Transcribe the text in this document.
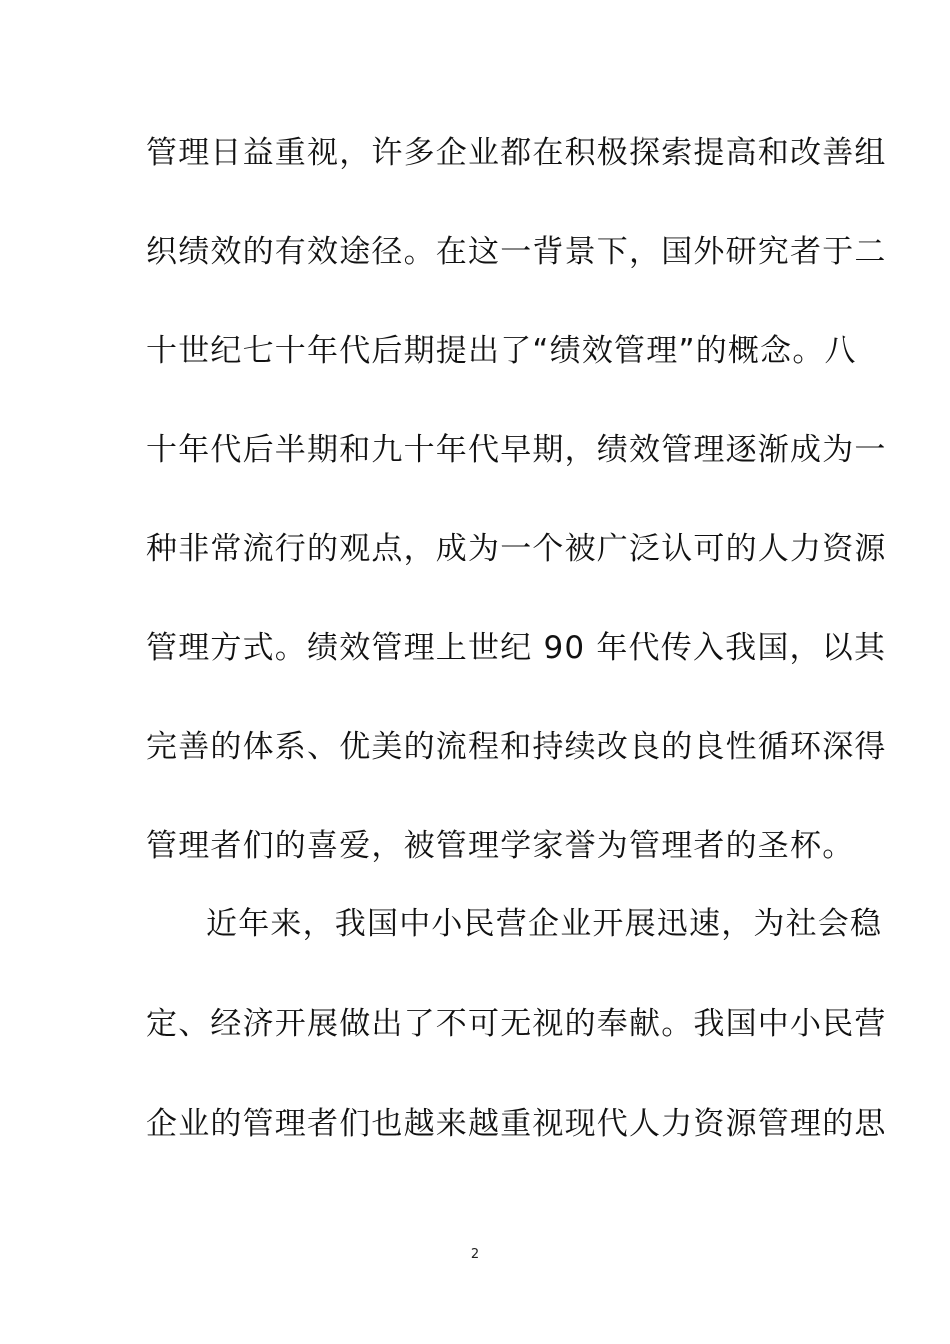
管理日益重视，许多企业都在积极探索提高和改善组
织绩效的有效途径。在这一背景下，国外研究者于二
十世纪七十年代后期提出了“绩效管理”的概念。八
十年代后半期和九十年代早期，绩效管理逐渐成为一
种非常流行的观点，成为一个被广泛认可的人力资源
管理方式。绩效管理上世纪 90 年代传入我国，以其
完善的体系、优美的流程和持续改良的良性循环深得
管理者们的喜爱，被管理学家誉为管理者的圣杯。
近年来，我国中小民营企业开展迅速，为社会稳
定、经济开展做出了不可无视的奉献。我国中小民营
企业的管理者们也越来越重视现代人力资源管理的思
2
